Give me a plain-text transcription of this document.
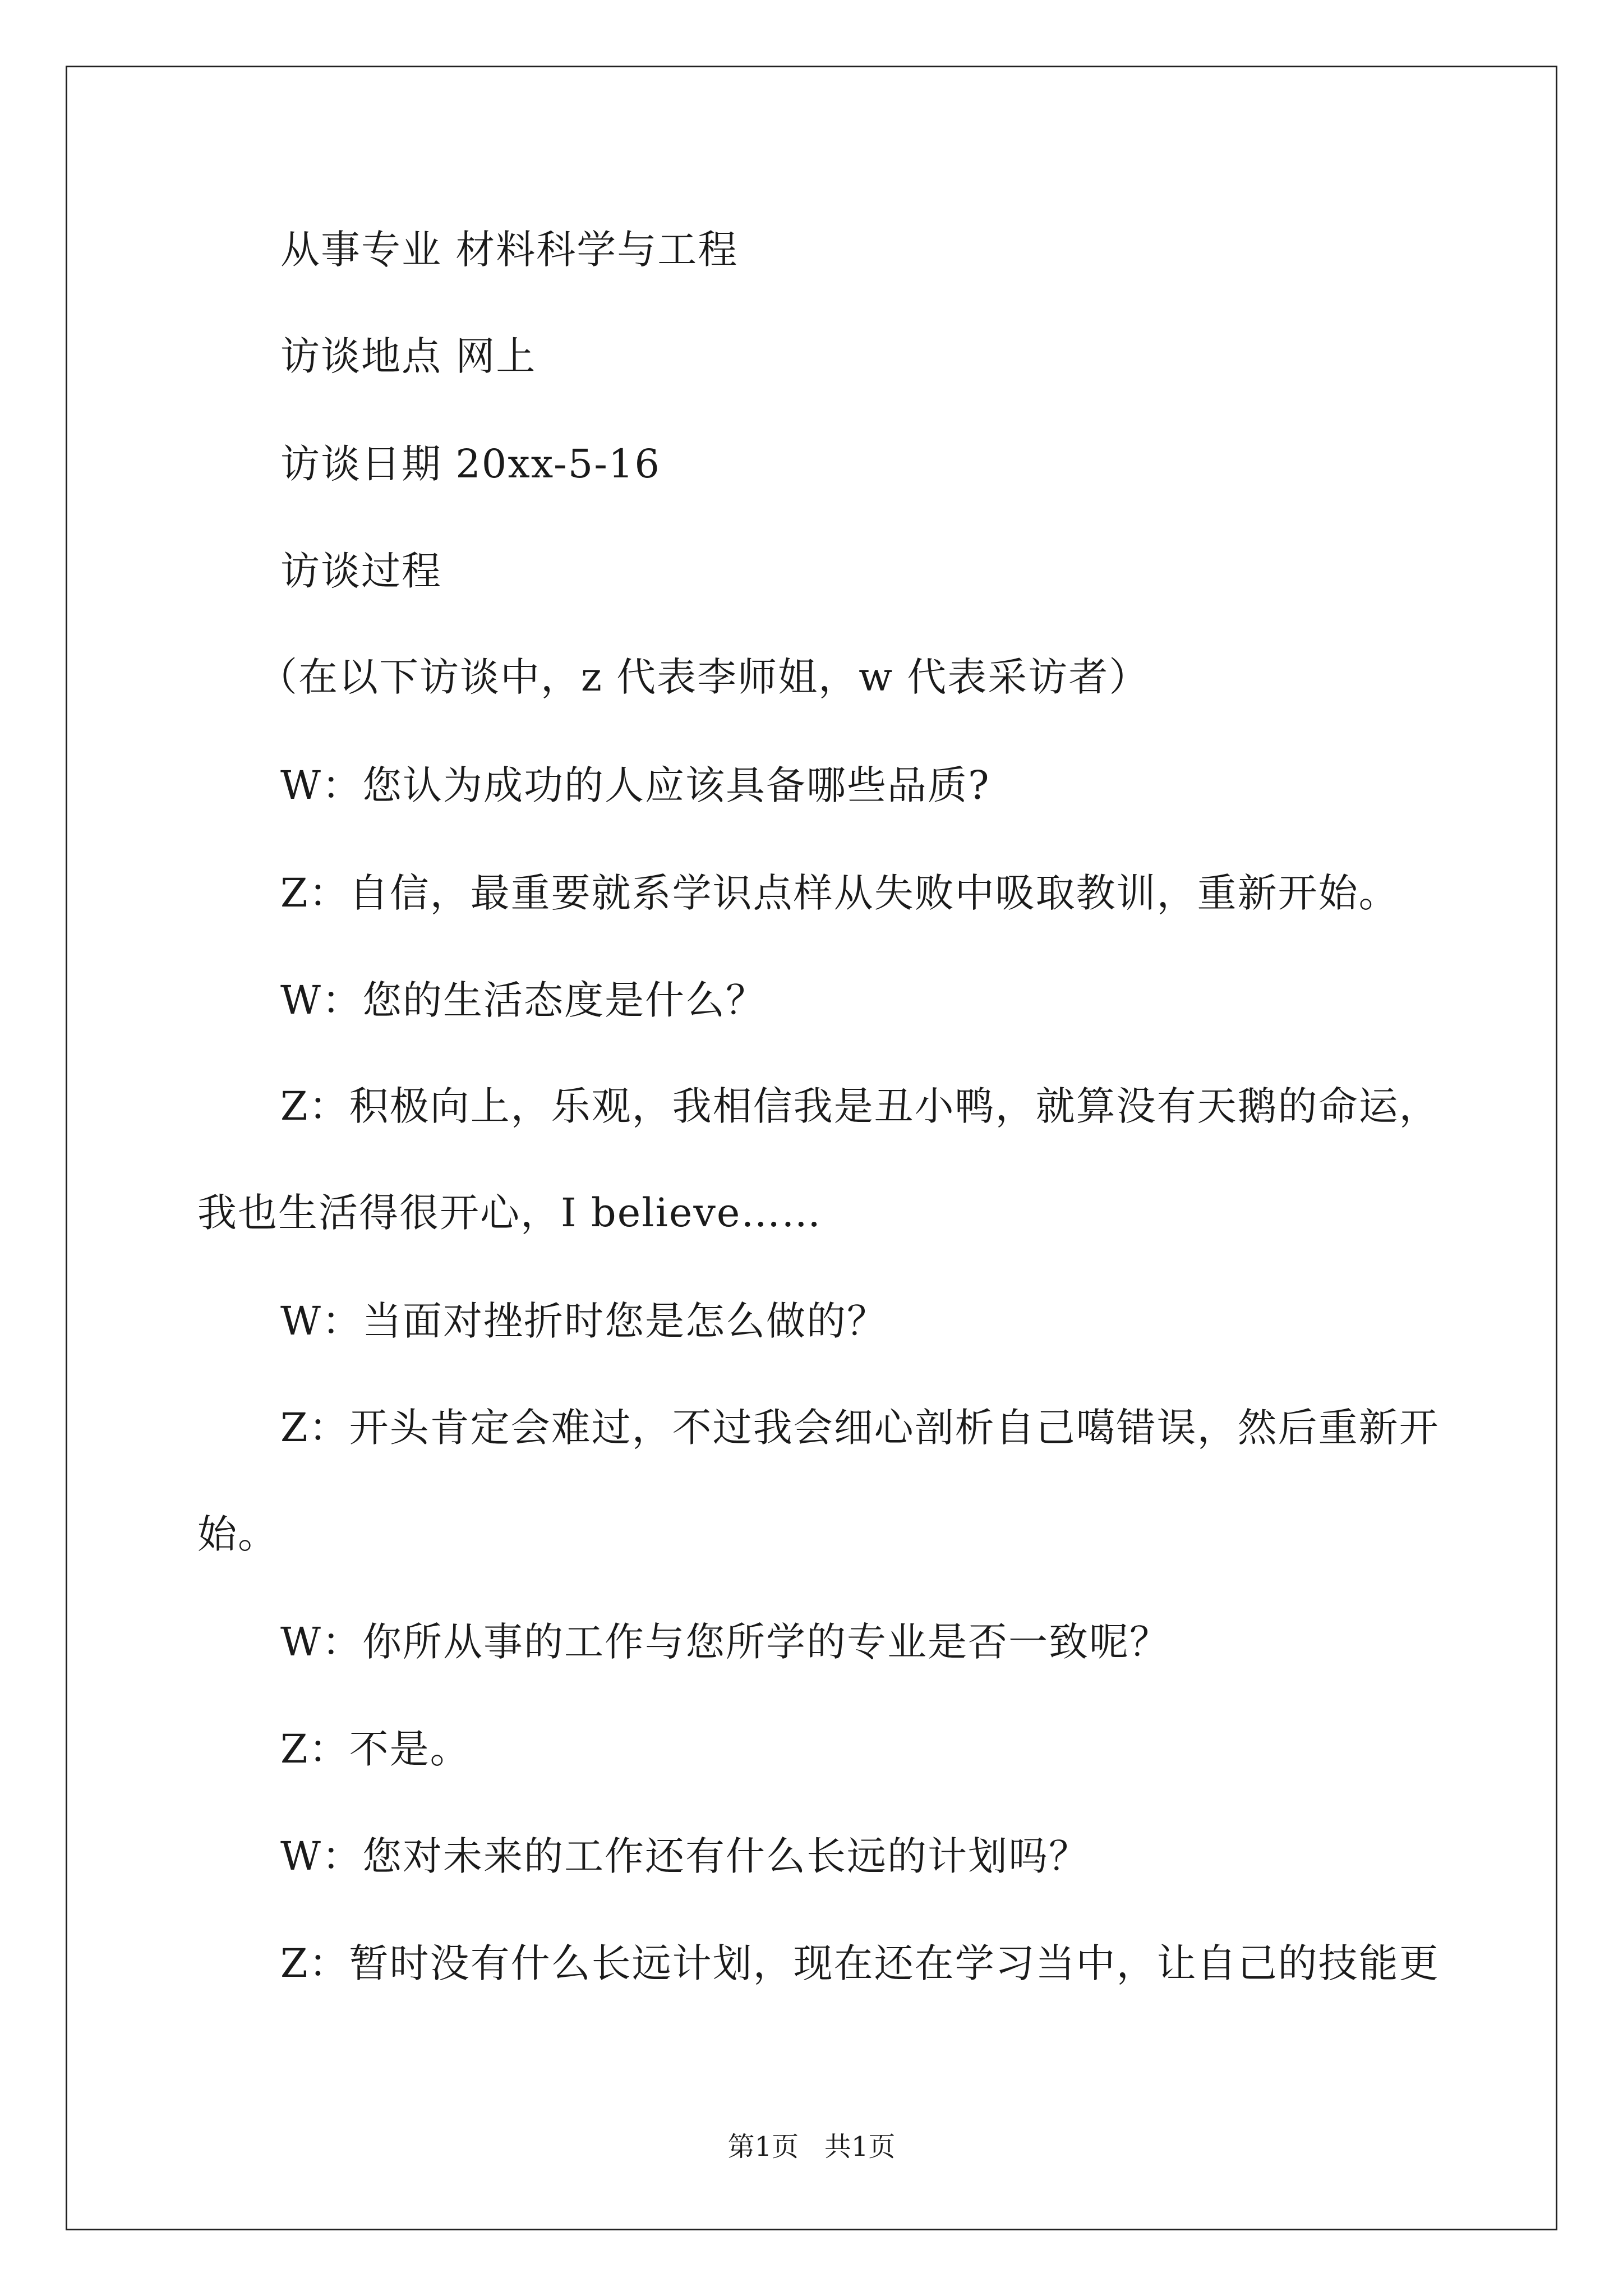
从事专业 材料科学与工程
访谈地点 网上
访谈日期 20xx-5-16
访谈过程
（在以下访谈中，z 代表李师姐，w 代表采访者）
W：您认为成功的人应该具备哪些品质?
Z：自信，最重要就系学识点样从失败中吸取教训，重新开始。
W：您的生活态度是什么？
Z：积极向上，乐观，我相信我是丑小鸭，就算没有天鹅的命运，
我也生活得很开心，I believe……
W：当面对挫折时您是怎么做的？
Z：开头肯定会难过，不过我会细心剖析自己噶错误，然后重新开
始。
W：你所从事的工作与您所学的专业是否一致呢？
Z：不是。
W：您对未来的工作还有什么长远的计划吗？
Z：暂时没有什么长远计划，现在还在学习当中，让自己的技能更
第1页   共1页
